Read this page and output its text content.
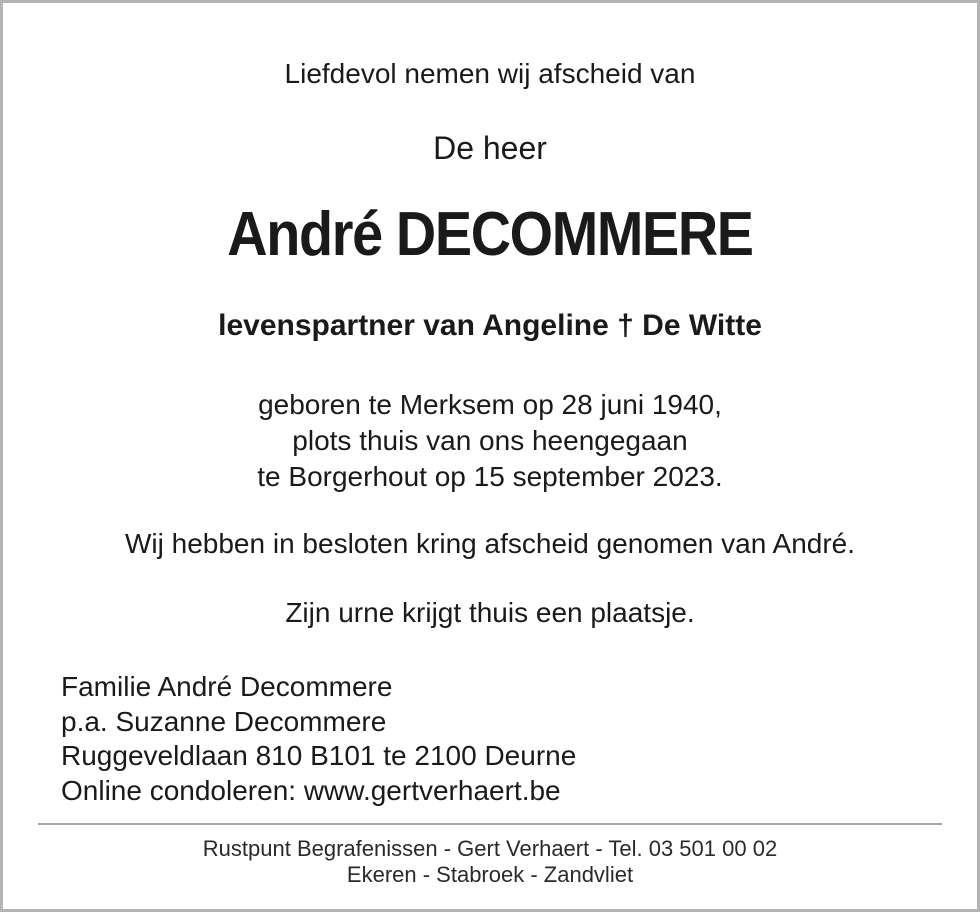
Liefdevol nemen wij afscheid van
De heer
André DECOMMERE
levenspartner van Angeline † De Witte
geboren te Merksem op 28 juni 1940,
plots thuis van ons heengegaan
te Borgerhout op 15 september 2023.
Wij hebben in besloten kring afscheid genomen van André.
Zijn urne krijgt thuis een plaatsje.
Familie André Decommere
p.a. Suzanne Decommere
Ruggeveldlaan 810 B101 te 2100 Deurne
Online condoleren: www.gertverhaert.be
Rustpunt Begrafenissen - Gert Verhaert - Tel. 03 501 00 02
Ekeren - Stabroek - Zandvliet
